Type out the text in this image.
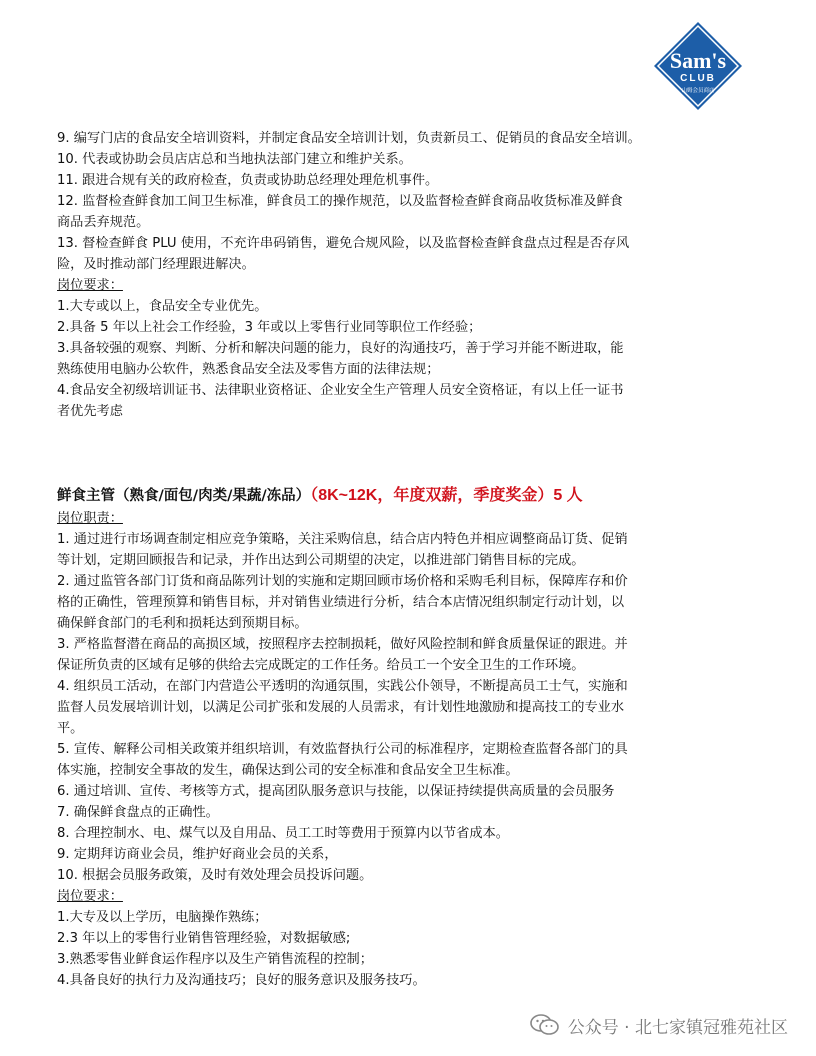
Sam's
CLUB
山姆会员商店
9. 编写门店的食品安全培训资料，并制定食品安全培训计划，负责新员工、促销员的食品安全培训。
10. 代表或协助会员店店总和当地执法部门建立和维护关系。
11. 跟进合规有关的政府检查，负责或协助总经理处理危机事件。
12. 监督检查鲜食加工间卫生标准，鲜食员工的操作规范，以及监督检查鲜食商品收货标准及鲜食
商品丢弃规范。
13. 督检查鲜食 PLU 使用，不充许串码销售，避免合规风险，以及监督检查鲜食盘点过程是否存风
险，及时推动部门经理跟进解决。
岗位要求：
1.大专或以上，食品安全专业优先。
2.具备 5 年以上社会工作经验，3 年或以上零售行业同等职位工作经验；
3.具备较强的观察、判断、分析和解决问题的能力，良好的沟通技巧，善于学习并能不断进取，能
熟练使用电脑办公软件，熟悉食品安全法及零售方面的法律法规；
4.食品安全初级培训证书、法律职业资格证、企业安全生产管理人员安全资格证，有以上任一证书
者优先考虑
鲜食主管（熟食/面包/肉类/果蔬/冻品）（8K~12K，年度双薪，季度奖金）5 人
岗位职责：
1. 通过进行市场调查制定相应竞争策略，关注采购信息，结合店内特色并相应调整商品订货、促销
等计划，定期回顾报告和记录，并作出达到公司期望的决定，以推进部门销售目标的完成。
2. 通过监管各部门订货和商品陈列计划的实施和定期回顾市场价格和采购毛利目标，保障库存和价
格的正确性，管理预算和销售目标，并对销售业绩进行分析，结合本店情况组织制定行动计划，以
确保鲜食部门的毛利和损耗达到预期目标。
3. 严格监督潜在商品的高损区域，按照程序去控制损耗，做好风险控制和鲜食质量保证的跟进。并
保证所负责的区域有足够的供给去完成既定的工作任务。给员工一个安全卫生的工作环境。
4. 组织员工活动，在部门内营造公平透明的沟通氛围，实践公仆领导，不断提高员工士气，实施和
监督人员发展培训计划，以满足公司扩张和发展的人员需求，有计划性地激励和提高技工的专业水
平。
5. 宣传、解释公司相关政策并组织培训，有效监督执行公司的标准程序，定期检查监督各部门的具
体实施，控制安全事故的发生，确保达到公司的安全标准和食品安全卫生标准。
6. 通过培训、宣传、考核等方式，提高团队服务意识与技能，以保证持续提供高质量的会员服务
7. 确保鲜食盘点的正确性。
8. 合理控制水、电、煤气以及自用品、员工工时等费用于预算内以节省成本。
9. 定期拜访商业会员，维护好商业会员的关系，
10. 根据会员服务政策，及时有效处理会员投诉问题。
岗位要求：
1.大专及以上学历，电脑操作熟练；
2.3 年以上的零售行业销售管理经验，对数据敏感;
3.熟悉零售业鲜食运作程序以及生产销售流程的控制；
4.具备良好的执行力及沟通技巧；良好的服务意识及服务技巧。
公众号 · 北七家镇冠雅苑社区
